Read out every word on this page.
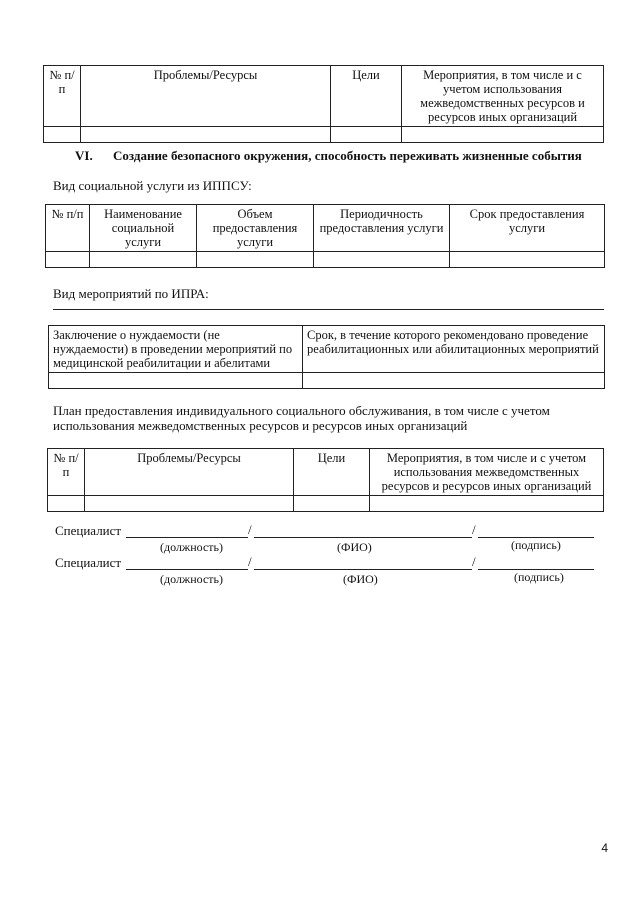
№ п/п	Проблемы/Ресурсы	Цели	Мероприятия, в том числе и с учетом использования межведомственных ресурсов и ресурсов иных организаций

VI. Создание безопасного окружения, способность переживать жизненные события
Вид социальной услуги из ИППСУ:
№ п/п	Наименование социальной услуги	Объем предоставления услуги	Периодичность предоставления услуги	Срок предоставления услуги

Вид мероприятий по ИПРА:
Заключение о нуждаемости (не нуждаемости) в проведении мероприятий по медицинской реабилитации и абелитами	Срок, в течение которого рекомендовано проведение реабилитационных или абилитационных мероприятий

План предоставления индивидуального социального обслуживания, в том числе с учетом
использования межведомственных ресурсов и ресурсов иных организаций
№ п/п	Проблемы/Ресурсы	Цели	Мероприятия, в том числе и с учетом использования межведомственных ресурсов и ресурсов иных организаций

Специалист	/	/
(должность)	(ФИО)	(подпись)
Специалист	/	/
(должность)	(ФИО)	(подпись)
4
